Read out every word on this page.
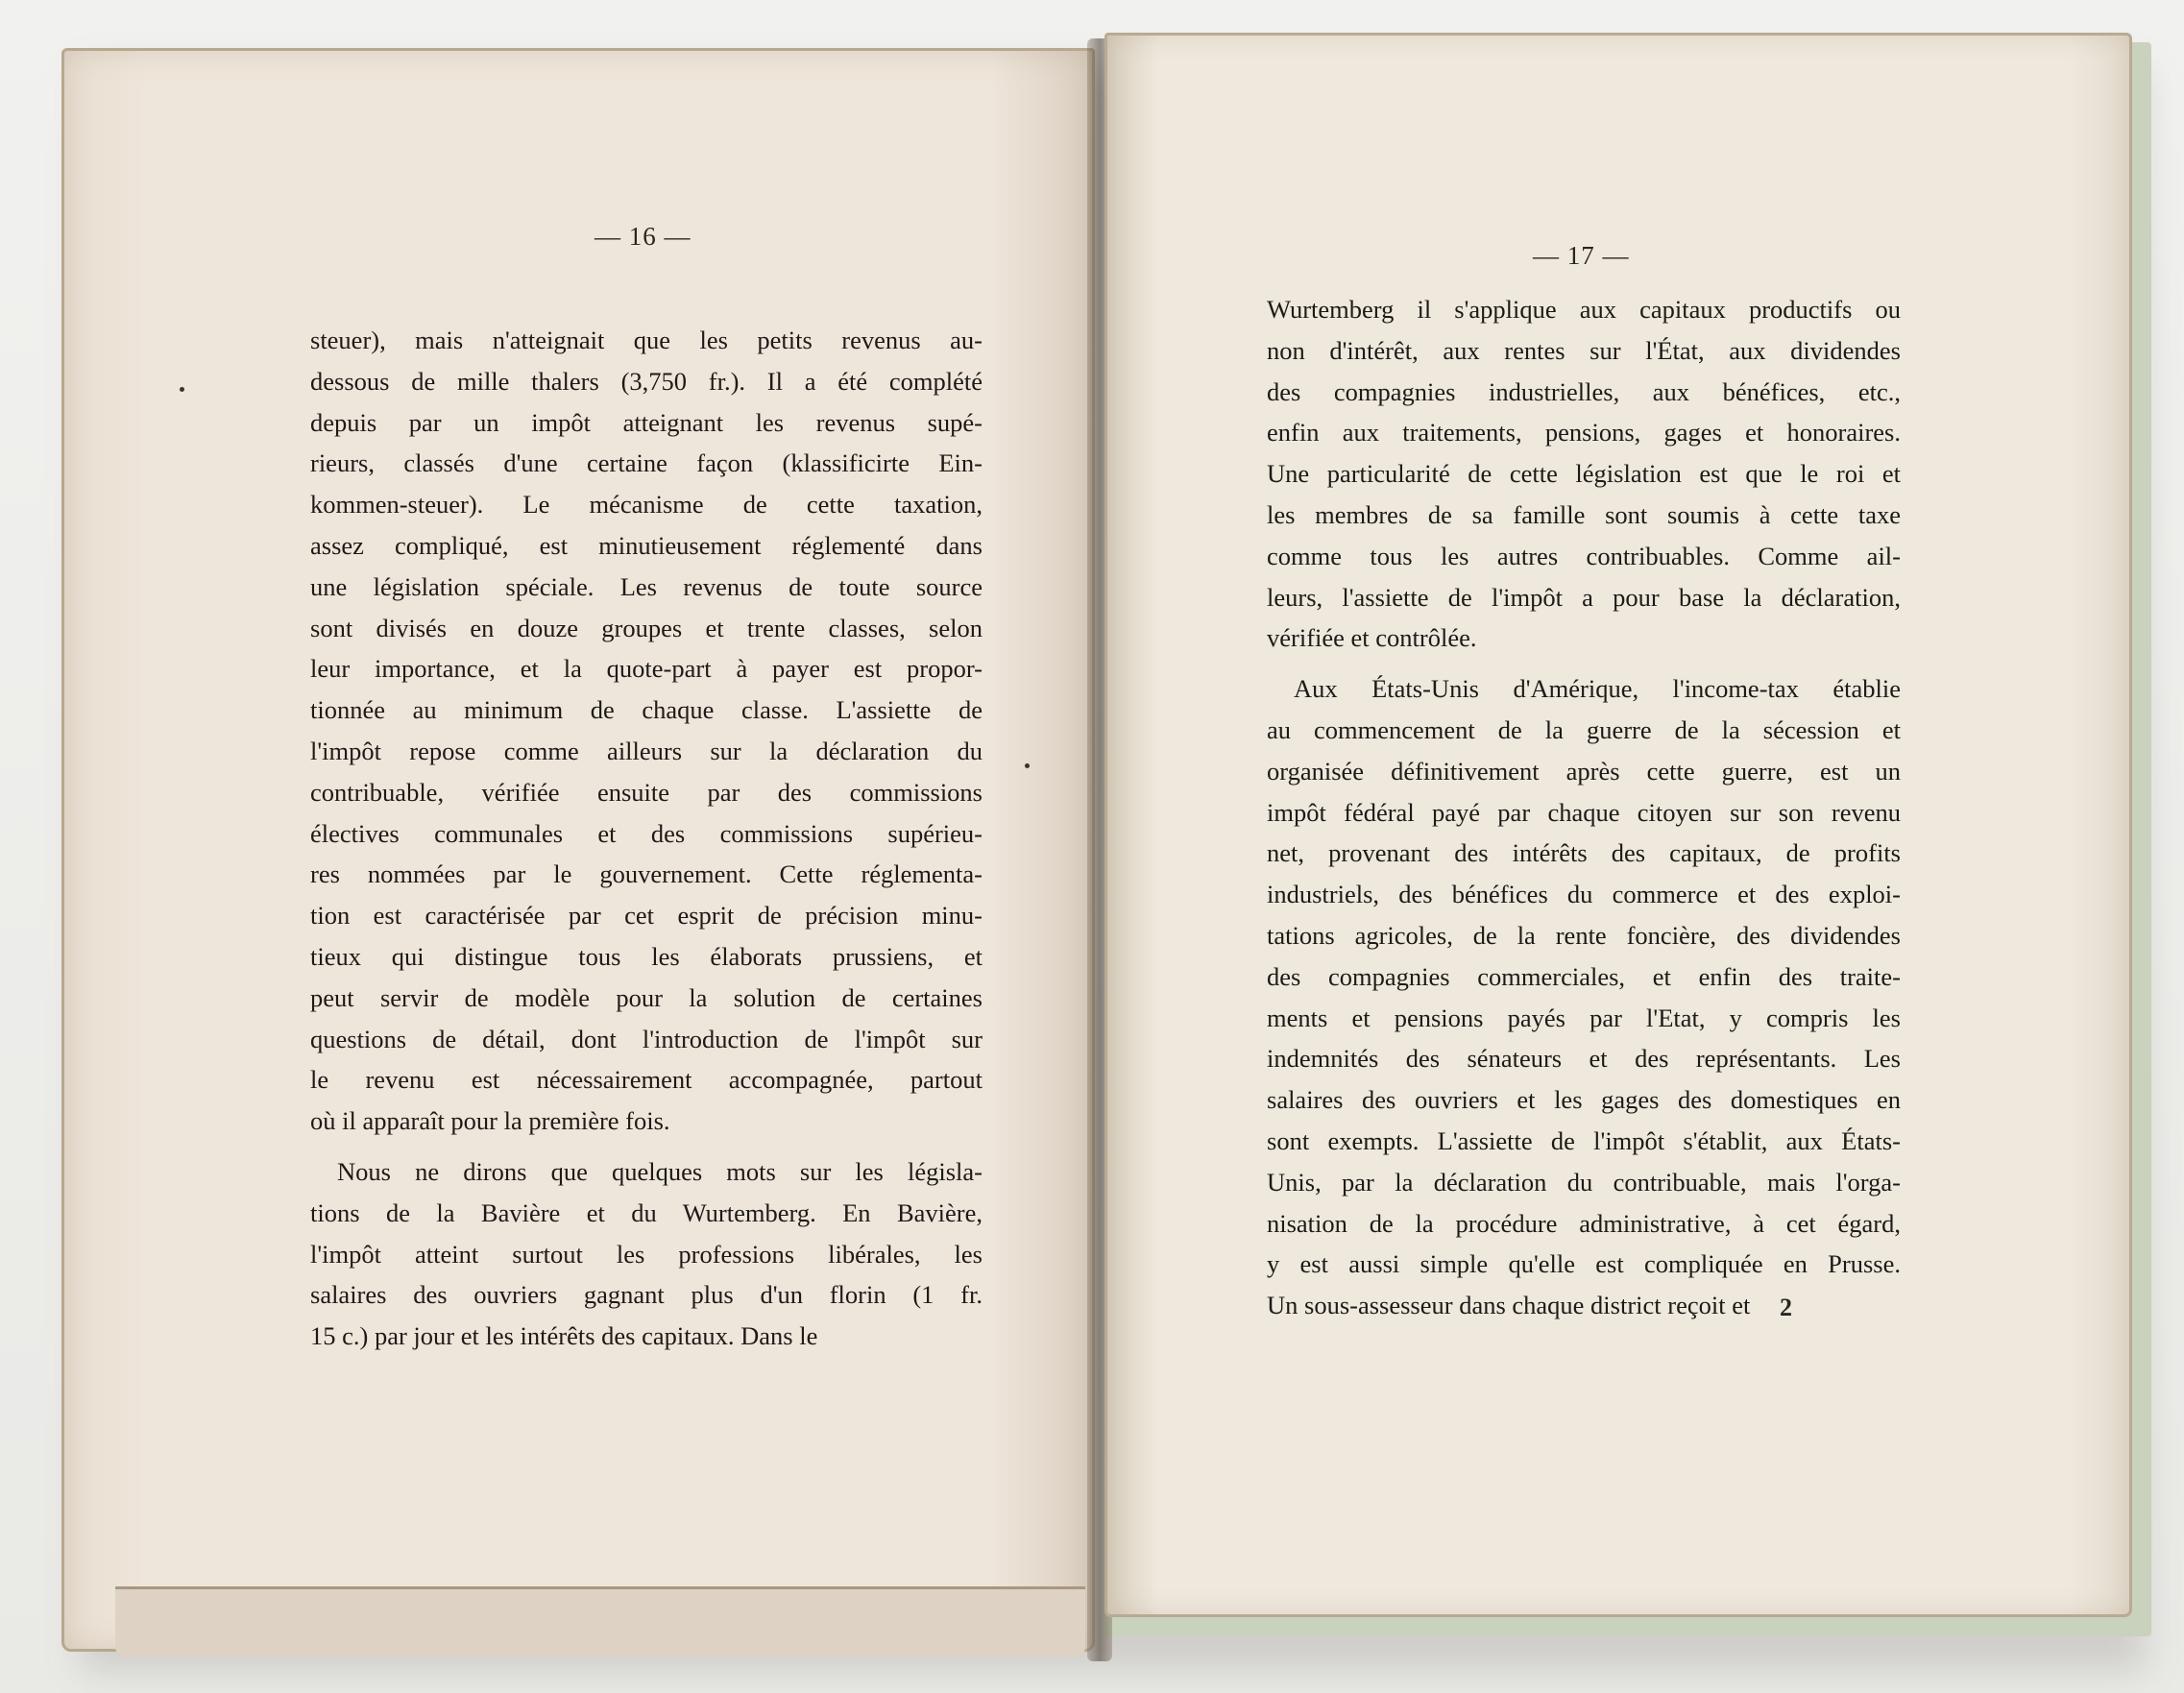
— 16 —
steuer), mais n'atteignait que les petits revenus au-
dessous de mille thalers (3,750 fr.). Il a été complété
depuis par un impôt atteignant les revenus supé-
rieurs, classés d'une certaine façon (klassificirte Ein-
kommen-steuer). Le mécanisme de cette taxation,
assez compliqué, est minutieusement réglementé dans
une législation spéciale. Les revenus de toute source
sont divisés en douze groupes et trente classes, selon
leur importance, et la quote-part à payer est propor-
tionnée au minimum de chaque classe. L'assiette de
l'impôt repose comme ailleurs sur la déclaration du
contribuable, vérifiée ensuite par des commissions
électives communales et des commissions supérieu-
res nommées par le gouvernement. Cette réglementa-
tion est caractérisée par cet esprit de précision minu-
tieux qui distingue tous les élaborats prussiens, et
peut servir de modèle pour la solution de certaines
questions de détail, dont l'introduction de l'impôt sur
le revenu est nécessairement accompagnée, partout
où il apparaît pour la première fois.
Nous ne dirons que quelques mots sur les législa-
tions de la Bavière et du Wurtemberg. En Bavière,
l'impôt atteint surtout les professions libérales, les
salaires des ouvriers gagnant plus d'un florin (1 fr.
15 c.) par jour et les intérêts des capitaux. Dans le
— 17 —
Wurtemberg il s'applique aux capitaux productifs ou
non d'intérêt, aux rentes sur l'État, aux dividendes
des compagnies industrielles, aux bénéfices, etc.,
enfin aux traitements, pensions, gages et honoraires.
Une particularité de cette législation est que le roi et
les membres de sa famille sont soumis à cette taxe
comme tous les autres contribuables. Comme ail-
leurs, l'assiette de l'impôt a pour base la déclaration,
vérifiée et contrôlée.
Aux États-Unis d'Amérique, l'income-tax établie
au commencement de la guerre de la sécession et
organisée définitivement après cette guerre, est un
impôt fédéral payé par chaque citoyen sur son revenu
net, provenant des intérêts des capitaux, de profits
industriels, des bénéfices du commerce et des exploi-
tations agricoles, de la rente foncière, des dividendes
des compagnies commerciales, et enfin des traite-
ments et pensions payés par l'Etat, y compris les
indemnités des sénateurs et des représentants. Les
salaires des ouvriers et les gages des domestiques en
sont exempts. L'assiette de l'impôt s'établit, aux États-
Unis, par la déclaration du contribuable, mais l'orga-
nisation de la procédure administrative, à cet égard,
y est aussi simple qu'elle est compliquée en Prusse.
Un sous-assesseur dans chaque district reçoit et	2
